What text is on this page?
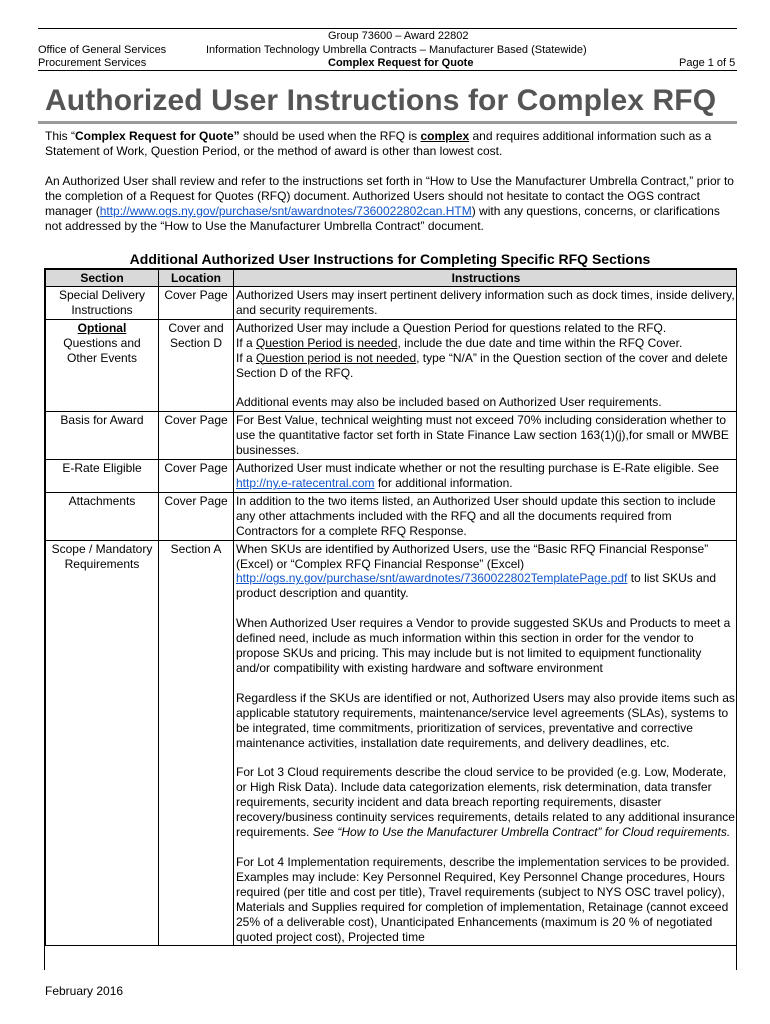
Group 73600 – Award 22802
Office of General Services	Information Technology Umbrella Contracts – Manufacturer Based (Statewide)
Procurement Services	Complex Request for Quote	Page 1 of 5
Authorized User Instructions for Complex RFQ
This “Complex Request for Quote” should be used when the RFQ is complex and requires additional information such as a Statement of Work, Question Period, or the method of award is other than lowest cost.
An Authorized User shall review and refer to the instructions set forth in “How to Use the Manufacturer Umbrella Contract,” prior to the completion of a Request for Quotes (RFQ) document. Authorized Users should not hesitate to contact the OGS contract manager (http://www.ogs.ny.gov/purchase/snt/awardnotes/7360022802can.HTM) with any questions, concerns, or clarifications not addressed by the “How to Use the Manufacturer Umbrella Contract” document.
Additional Authorized User Instructions for Completing Specific RFQ Sections
Section	Location	Instructions
Special Delivery Instructions	Cover Page	Authorized Users may insert pertinent delivery information such as dock times, inside delivery, and security requirements.
Optional
Questions and Other Events	Cover and Section D	Authorized User may include a Question Period for questions related to the RFQ.
If a Question Period is needed, include the due date and time within the RFQ Cover.
If a Question period is not needed, type “N/A” in the Question section of the cover and delete Section D of the RFQ.
Additional events may also be included based on Authorized User requirements.
Basis for Award	Cover Page	For Best Value, technical weighting must not exceed 70% including consideration whether to use the quantitative factor set forth in State Finance Law section 163(1)(j),for small or MWBE businesses.
E-Rate Eligible	Cover Page	Authorized User must indicate whether or not the resulting purchase is E-Rate eligible. See http://ny.e-ratecentral.com for additional information.
Attachments	Cover Page	In addition to the two items listed, an Authorized User should update this section to include any other attachments included with the RFQ and all the documents required from Contractors for a complete RFQ Response.
Scope / Mandatory Requirements	Section A	When SKUs are identified by Authorized Users, use the “Basic RFQ Financial Response” (Excel) or “Complex RFQ Financial Response” (Excel) http://ogs.ny.gov/purchase/snt/awardnotes/7360022802TemplatePage.pdf to list SKUs and product description and quantity.
When Authorized User requires a Vendor to provide suggested SKUs and Products to meet a defined need, include as much information within this section in order for the vendor to propose SKUs and pricing. This may include but is not limited to equipment functionality and/or compatibility with existing hardware and software environment
Regardless if the SKUs are identified or not, Authorized Users may also provide items such as applicable statutory requirements, maintenance/service level agreements (SLAs), systems to be integrated, time commitments, prioritization of services, preventative and corrective maintenance activities, installation date requirements, and delivery deadlines, etc.
For Lot 3 Cloud requirements describe the cloud service to be provided (e.g. Low, Moderate, or High Risk Data). Include data categorization elements, risk determination, data transfer requirements, security incident and data breach reporting requirements, disaster recovery/business continuity services requirements, details related to any additional insurance requirements. See “How to Use the Manufacturer Umbrella Contract” for Cloud requirements.
For Lot 4 Implementation requirements, describe the implementation services to be provided. Examples may include: Key Personnel Required, Key Personnel Change procedures, Hours required (per title and cost per title), Travel requirements (subject to NYS OSC travel policy), Materials and Supplies required for completion of implementation, Retainage (cannot exceed 25% of a deliverable cost), Unanticipated Enhancements (maximum is 20 % of negotiated quoted project cost), Projected time
February 2016
